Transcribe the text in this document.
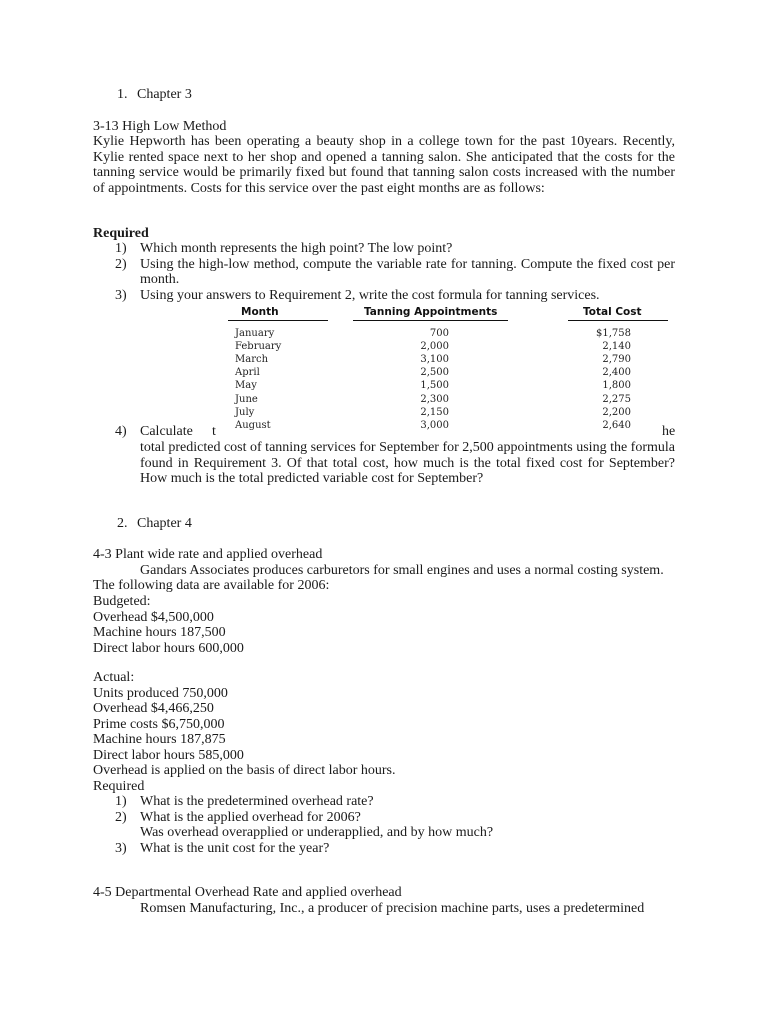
1. Chapter 3
3-13 High Low Method
Kylie Hepworth has been operating a beauty shop in a college town for the past 10years. Recently, Kylie rented space next to her shop and opened a tanning salon. She anticipated that the costs for the tanning service would be primarily fixed but found that tanning salon costs increased with the number of appointments. Costs for this service over the past eight months are as follows:
Required
1) Which month represents the high point? The low point?
2) Using the high-low method, compute the variable rate for tanning. Compute the fixed cost per month.
3) Using your answers to Requirement 2, write the cost formula for tanning services.
Month	Tanning Appointments	Total Cost
January	700	$1,758
February	2,000	2,140
March	3,100	2,790
April	2,500	2,400
May	1,500	1,800
June	2,300	2,275
July	2,150	2,200
August	3,000	2,640
4) Calculate t	he
total predicted cost of tanning services for September for 2,500 appointments using the formula found in Requirement 3. Of that total cost, how much is the total fixed cost for September? How much is the total predicted variable cost for September?
2. Chapter 4
4-3 Plant wide rate and applied overhead
Gandars Associates produces carburetors for small engines and uses a normal costing system.
The following data are available for 2006:
Budgeted:
Overhead $4,500,000
Machine hours 187,500
Direct labor hours 600,000
Actual:
Units produced 750,000
Overhead $4,466,250
Prime costs $6,750,000
Machine hours 187,875
Direct labor hours 585,000
Overhead is applied on the basis of direct labor hours.
Required
1) What is the predetermined overhead rate?
2) What is the applied overhead for 2006?
Was overhead overapplied or underapplied, and by how much?
3) What is the unit cost for the year?
4-5 Departmental Overhead Rate and applied overhead
Romsen Manufacturing, Inc., a producer of precision machine parts, uses a predetermined
